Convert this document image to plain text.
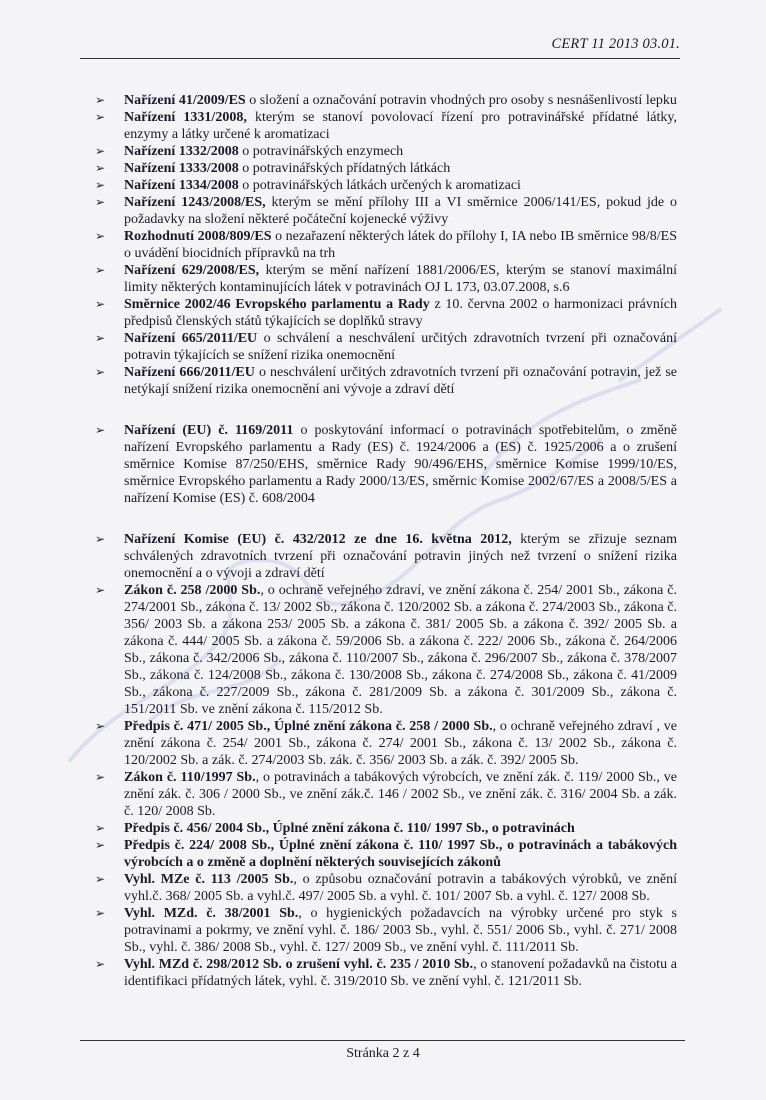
CERT 11 2013 03.01.
➢ Nařízení 41/2009/ES o složení a označování potravin vhodných pro osoby s nesnášenlivostí lepku
➢ Nařízení 1331/2008, kterým se stanoví povolovací řízení pro potravinářské přídatné látky, enzymy a látky určené k aromatizaci
➢ Nařízení 1332/2008 o potravinářských enzymech
➢ Nařízení 1333/2008 o potravinářských přídatných látkách
➢ Nařízení 1334/2008 o potravinářských látkách určených k aromatizaci
➢ Nařízení 1243/2008/ES, kterým se mění přílohy III a VI směrnice 2006/141/ES, pokud jde o požadavky na složení některé počáteční kojenecké výživy
➢ Rozhodnutí 2008/809/ES o nezařazení některých látek do přílohy I, IA nebo IB směrnice 98/8/ES o uvádění biocidních přípravků na trh
➢ Nařízení 629/2008/ES, kterým se mění nařízení 1881/2006/ES, kterým se stanoví maximální limity některých kontaminujících látek v potravinách OJ L 173, 03.07.2008, s.6
➢ Směrnice 2002/46 Evropského parlamentu a Rady z 10. června 2002 o harmonizaci právních předpisů členských států týkajících se doplňků stravy
➢ Nařízení 665/2011/EU o schválení a neschválení určitých zdravotních tvrzení při označování potravin týkajících se snížení rizika onemocnění
➢ Nařízení 666/2011/EU o neschválení určitých zdravotních tvrzení při označování potravin, jež se netýkají snížení rizika onemocnění ani vývoje a zdraví dětí
➢ Nařízení (EU) č. 1169/2011 o poskytování informací o potravinách spotřebitelům, o změně nařízení Evropského parlamentu a Rady (ES) č. 1924/2006 a (ES) č. 1925/2006 a o zrušení směrnice Komise 87/250/EHS, směrnice Rady 90/496/EHS, směrnice Komise 1999/10/ES, směrnice Evropského parlamentu a Rady 2000/13/ES, směrnic Komise 2002/67/ES a 2008/5/ES a nařízení Komise (ES) č. 608/2004
➢ Nařízení Komise (EU) č. 432/2012 ze dne 16. května 2012, kterým se zřizuje seznam schválených zdravotních tvrzení při označování potravin jiných než tvrzení o snížení rizika onemocnění a o vývoji a zdraví dětí
➢ Zákon č. 258 /2000 Sb., o ochraně veřejného zdraví, ve znění zákona č. 254/ 2001 Sb., zákona č. 274/2001 Sb., zákona č. 13/ 2002 Sb., zákona č. 120/2002 Sb. a zákona č. 274/2003 Sb., zákona č. 356/ 2003 Sb. a zákona 253/ 2005 Sb. a zákona č. 381/ 2005 Sb. a zákona č. 392/ 2005 Sb. a zákona č. 444/ 2005 Sb. a zákona č. 59/2006 Sb. a zákona č. 222/ 2006 Sb., zákona č. 264/2006 Sb., zákona č. 342/2006 Sb., zákona č. 110/2007 Sb., zákona č. 296/2007 Sb., zákona č. 378/2007 Sb., zákona č. 124/2008 Sb., zákona č. 130/2008 Sb., zákona č. 274/2008 Sb., zákona č. 41/2009 Sb., zákona č. 227/2009 Sb., zákona č. 281/2009 Sb. a zákona č. 301/2009 Sb., zákona č. 151/2011 Sb. ve znění zákona č. 115/2012 Sb.
➢ Předpis č. 471/ 2005 Sb., Úplné znění zákona č. 258 / 2000 Sb., o ochraně veřejného zdraví , ve znění zákona č. 254/ 2001 Sb., zákona č. 274/ 2001 Sb., zákona č. 13/ 2002 Sb., zákona č. 120/2002 Sb. a zák. č. 274/2003 Sb. zák. č. 356/ 2003 Sb. a zák. č. 392/ 2005 Sb.
➢ Zákon č. 110/1997 Sb., o potravinách a tabákových výrobcích, ve znění zák. č. 119/ 2000 Sb., ve znění zák. č. 306 / 2000 Sb., ve znění zák.č. 146 / 2002 Sb., ve znění zák. č. 316/ 2004 Sb. a zák. č. 120/ 2008 Sb.
➢ Předpis č. 456/ 2004 Sb., Úplné znění zákona č. 110/ 1997 Sb., o potravinách
➢ Předpis č. 224/ 2008 Sb., Úplné znění zákona č. 110/ 1997 Sb., o potravinách a tabákových výrobcích a o změně a doplnění některých souvisejících zákonů
➢ Vyhl. MZe č. 113 /2005 Sb., o způsobu označování potravin a tabákových výrobků, ve znění vyhl.č. 368/ 2005 Sb. a vyhl.č. 497/ 2005 Sb. a vyhl. č. 101/ 2007 Sb. a vyhl. č. 127/ 2008 Sb.
➢ Vyhl. MZd. č. 38/2001 Sb., o hygienických požadavcích na výrobky určené pro styk s potravinami a pokrmy, ve znění vyhl. č. 186/ 2003 Sb., vyhl. č. 551/ 2006 Sb., vyhl. č. 271/ 2008 Sb., vyhl. č. 386/ 2008 Sb., vyhl. č. 127/ 2009 Sb., ve znění vyhl. č. 111/2011 Sb.
➢ Vyhl. MZd č. 298/2012 Sb. o zrušení vyhl. č. 235 / 2010 Sb., o stanovení požadavků na čistotu a identifikaci přídatných látek, vyhl. č. 319/2010 Sb. ve znění vyhl. č. 121/2011 Sb.
Stránka 2 z 4
